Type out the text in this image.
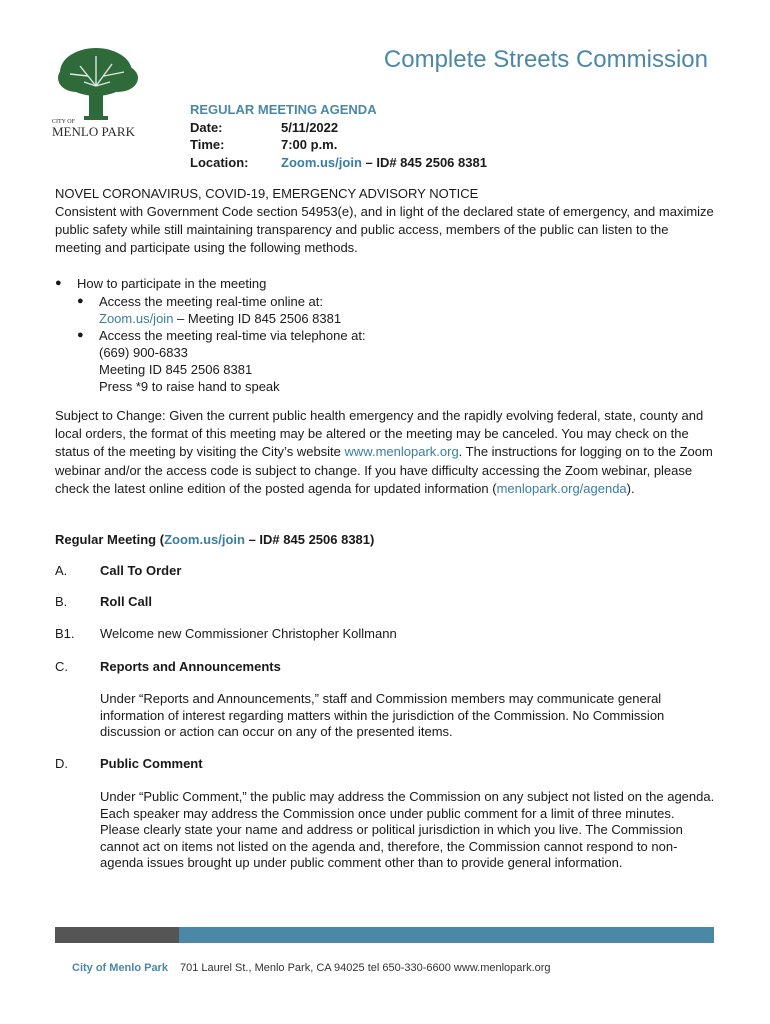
CITY OF
MENLO PARK
Complete Streets Commission
REGULAR MEETING AGENDA
Date:	5/11/2022
Time:	7:00 p.m.
Location:	Zoom.us/join – ID# 845 2506 8381
NOVEL CORONAVIRUS, COVID-19, EMERGENCY ADVISORY NOTICE
Consistent with Government Code section 54953(e), and in light of the declared state of emergency, and maximize public safety while still maintaining transparency and public access, members of the public can listen to the meeting and participate using the following methods.
●	How to participate in the meeting
●	Access the meeting real-time online at:
Zoom.us/join – Meeting ID 845 2506 8381
●	Access the meeting real-time via telephone at:
(669) 900-6833
Meeting ID 845 2506 8381
Press *9 to raise hand to speak
Subject to Change: Given the current public health emergency and the rapidly evolving federal, state, county and local orders, the format of this meeting may be altered or the meeting may be canceled. You may check on the status of the meeting by visiting the City’s website www.menlopark.org. The instructions for logging on to the Zoom webinar and/or the access code is subject to change. If you have difficulty accessing the Zoom webinar, please check the latest online edition of the posted agenda for updated information (menlopark.org/agenda).
Regular Meeting (Zoom.us/join – ID# 845 2506 8381)
A.	Call To Order
B.	Roll Call
B1.	Welcome new Commissioner Christopher Kollmann
C.	Reports and Announcements
Under “Reports and Announcements,” staff and Commission members may communicate general information of interest regarding matters within the jurisdiction of the Commission. No Commission discussion or action can occur on any of the presented items.
D.	Public Comment
Under “Public Comment,” the public may address the Commission on any subject not listed on the agenda. Each speaker may address the Commission once under public comment for a limit of three minutes. Please clearly state your name and address or political jurisdiction in which you live. The Commission cannot act on items not listed on the agenda and, therefore, the Commission cannot respond to non-agenda issues brought up under public comment other than to provide general information.
City of Menlo Park 701 Laurel St., Menlo Park, CA 94025 tel 650-330-6600 www.menlopark.org
